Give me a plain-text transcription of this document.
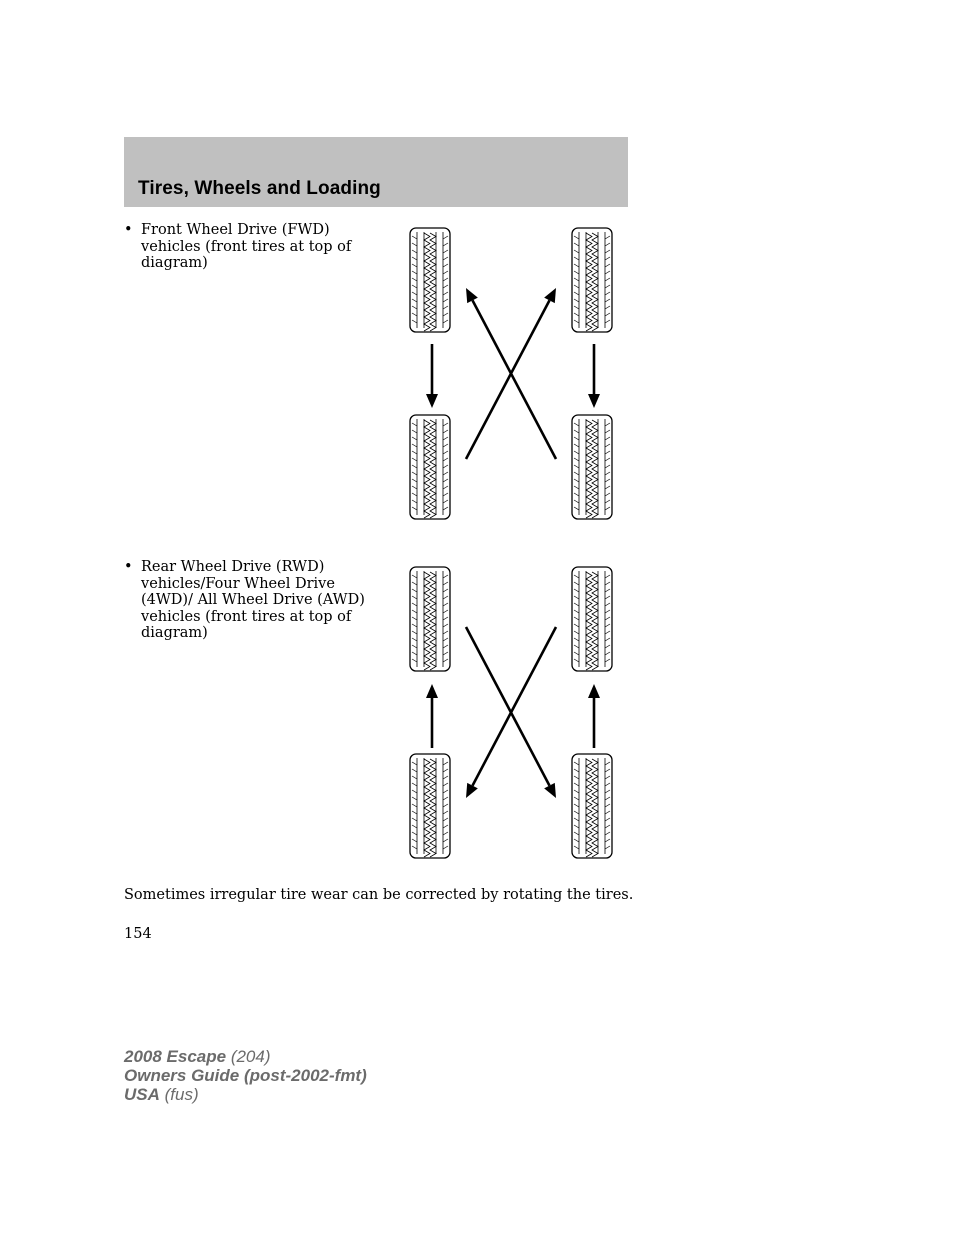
Tires, Wheels and Loading
• Front Wheel Drive (FWD)
vehicles (front tires at top of
diagram)
• Rear Wheel Drive (RWD)
vehicles/Four Wheel Drive
(4WD)/ All Wheel Drive (AWD)
vehicles (front tires at top of
diagram)
Sometimes irregular tire wear can be corrected by rotating the tires.
154
2008 Escape (204)
Owners Guide (post-2002-fmt)
USA (fus)
